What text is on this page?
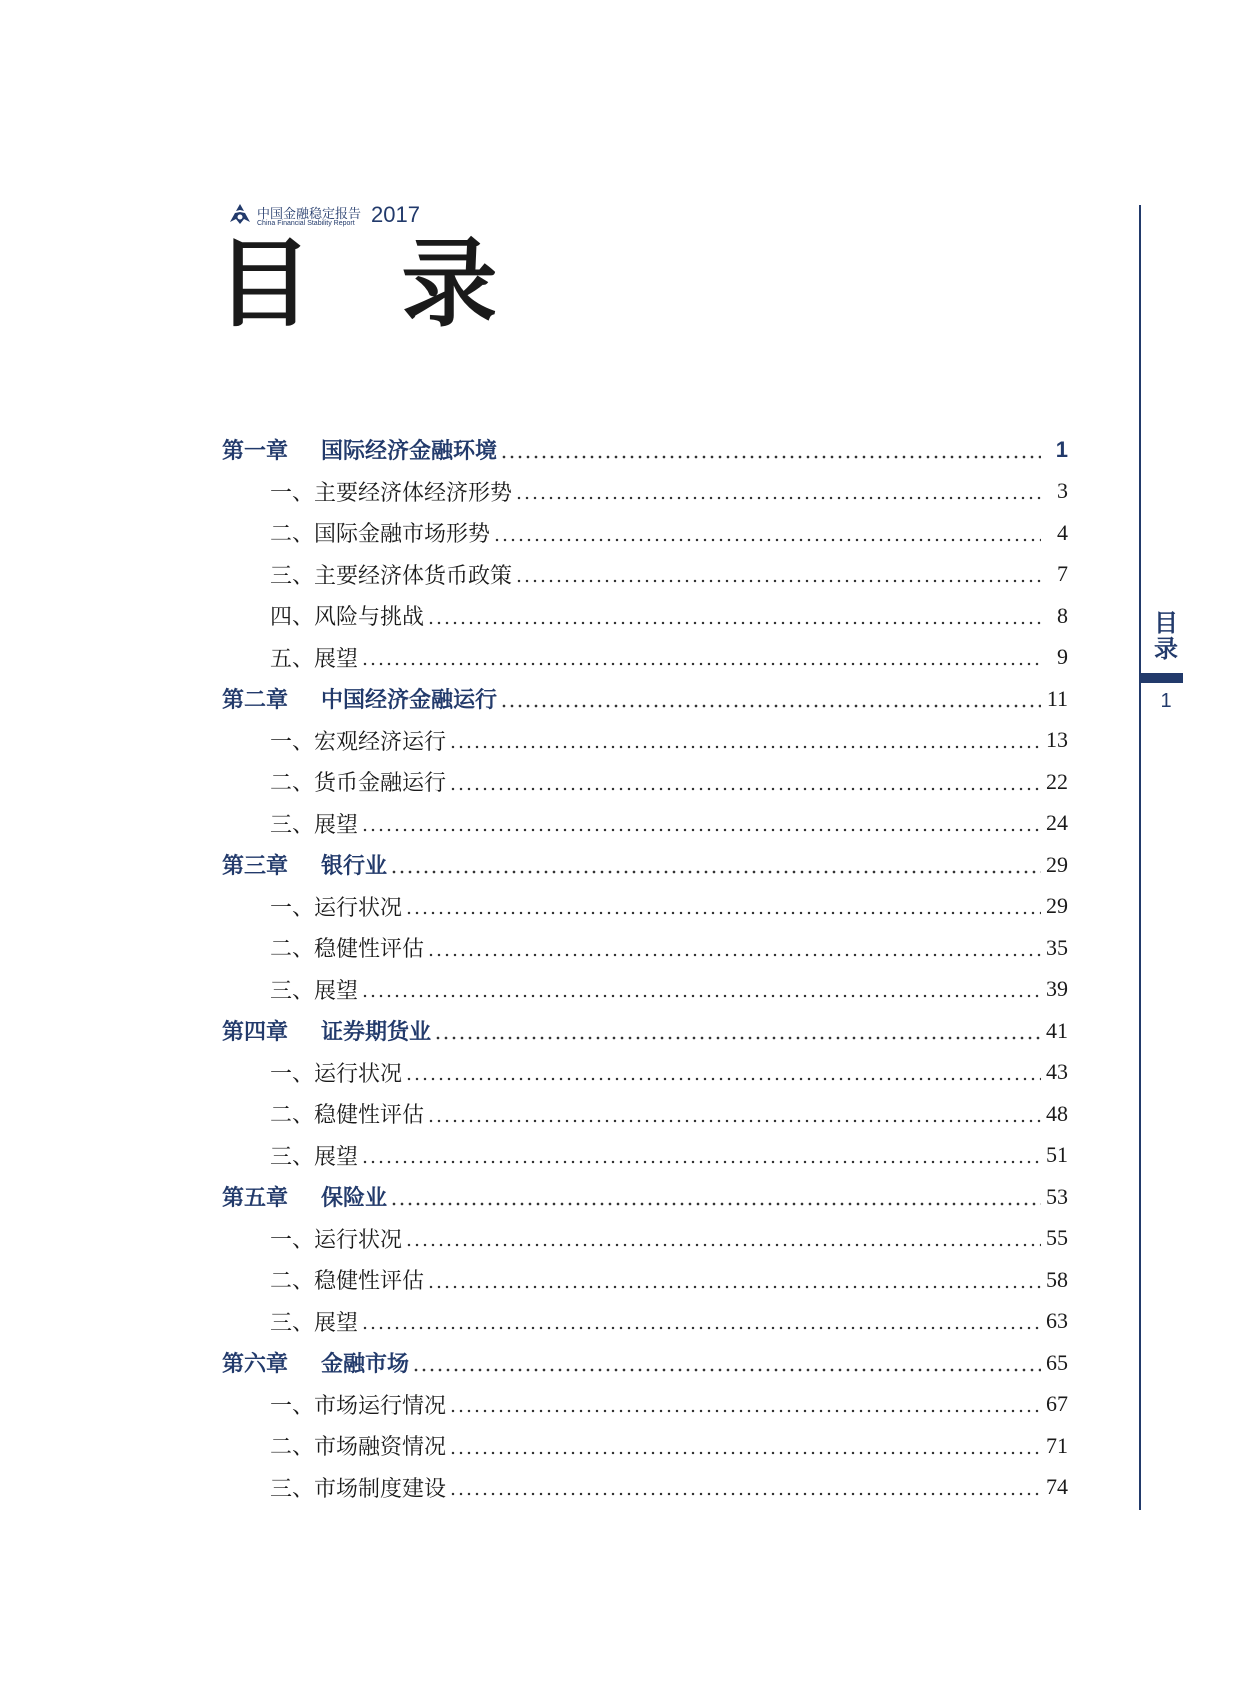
中国金融稳定报告
China Financial Stability Report 2017
目 录
目
录
1
第一章	国际经济金融环境	1
一、主要经济体经济形势	3
二、国际金融市场形势	4
三、主要经济体货币政策	7
四、风险与挑战	8
五、展望	9
第二章	中国经济金融运行	11
一、宏观经济运行	13
二、货币金融运行	22
三、展望	24
第三章	银行业	29
一、运行状况	29
二、稳健性评估	35
三、展望	39
第四章	证券期货业	41
一、运行状况	43
二、稳健性评估	48
三、展望	51
第五章	保险业	53
一、运行状况	55
二、稳健性评估	58
三、展望	63
第六章	金融市场	65
一、市场运行情况	67
二、市场融资情况	71
三、市场制度建设	74
